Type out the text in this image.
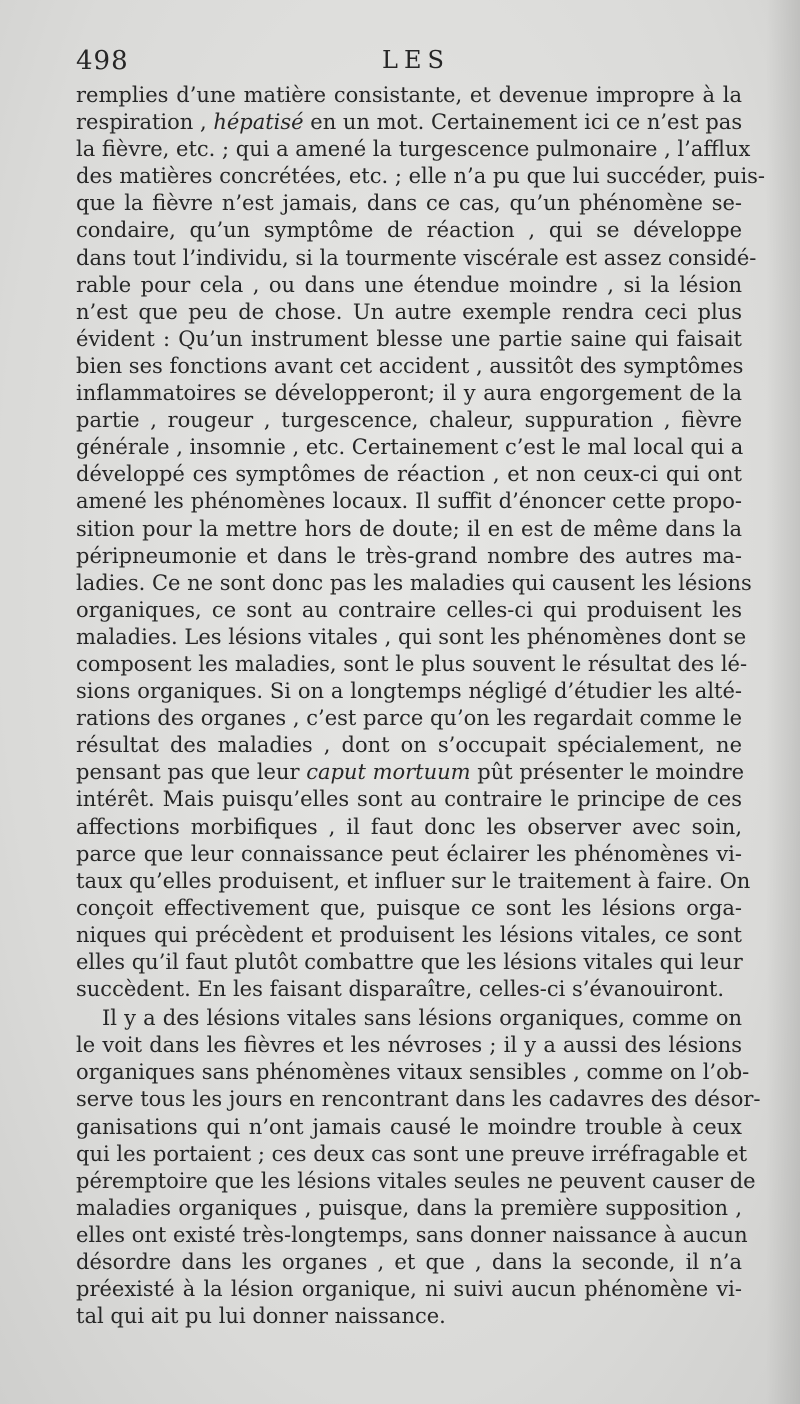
498	LES
remplies d’une matière consistante, et devenue impropre à la
respiration , hépatisé en un mot. Certainement ici ce n’est pas
la fièvre, etc. ; qui a amené la turgescence pulmonaire , l’afflux
des matières concrétées, etc. ; elle n’a pu que lui succéder, puis-
que la fièvre n’est jamais, dans ce cas, qu’un phénomène se-
condaire, qu’un symptôme de réaction , qui se développe
dans tout l’individu, si la tourmente viscérale est assez considé-
rable pour cela , ou dans une étendue moindre , si la lésion
n’est que peu de chose. Un autre exemple rendra ceci plus
évident : Qu’un instrument blesse une partie saine qui faisait
bien ses fonctions avant cet accident , aussitôt des symptômes
inflammatoires se développeront; il y aura engorgement de la
partie , rougeur , turgescence, chaleur, suppuration , fièvre
générale , insomnie , etc. Certainement c’est le mal local qui a
développé ces symptômes de réaction , et non ceux-ci qui ont
amené les phénomènes locaux. Il suffit d’énoncer cette propo-
sition pour la mettre hors de doute; il en est de même dans la
péripneumonie et dans le très-grand nombre des autres ma-
ladies. Ce ne sont donc pas les maladies qui causent les lésions
organiques, ce sont au contraire celles-ci qui produisent les
maladies. Les lésions vitales , qui sont les phénomènes dont se
composent les maladies, sont le plus souvent le résultat des lé-
sions organiques. Si on a longtemps négligé d’étudier les alté-
rations des organes , c’est parce qu’on les regardait comme le
résultat des maladies , dont on s’occupait spécialement, ne
pensant pas que leur caput mortuum pût présenter le moindre
intérêt. Mais puisqu’elles sont au contraire le principe de ces
affections morbifiques , il faut donc les observer avec soin,
parce que leur connaissance peut éclairer les phénomènes vi-
taux qu’elles produisent, et influer sur le traitement à faire. On
conçoit effectivement que, puisque ce sont les lésions orga-
niques qui précèdent et produisent les lésions vitales, ce sont
elles qu’il faut plutôt combattre que les lésions vitales qui leur
succèdent. En les faisant disparaître, celles-ci s’évanouiront.
Il y a des lésions vitales sans lésions organiques, comme on
le voit dans les fièvres et les névroses ; il y a aussi des lésions
organiques sans phénomènes vitaux sensibles , comme on l’ob-
serve tous les jours en rencontrant dans les cadavres des désor-
ganisations qui n’ont jamais causé le moindre trouble à ceux
qui les portaient ; ces deux cas sont une preuve irréfragable et
péremptoire que les lésions vitales seules ne peuvent causer de
maladies organiques , puisque, dans la première supposition ,
elles ont existé très-longtemps, sans donner naissance à aucun
désordre dans les organes , et que , dans la seconde, il n’a
préexisté à la lésion organique, ni suivi aucun phénomène vi-
tal qui ait pu lui donner naissance.
